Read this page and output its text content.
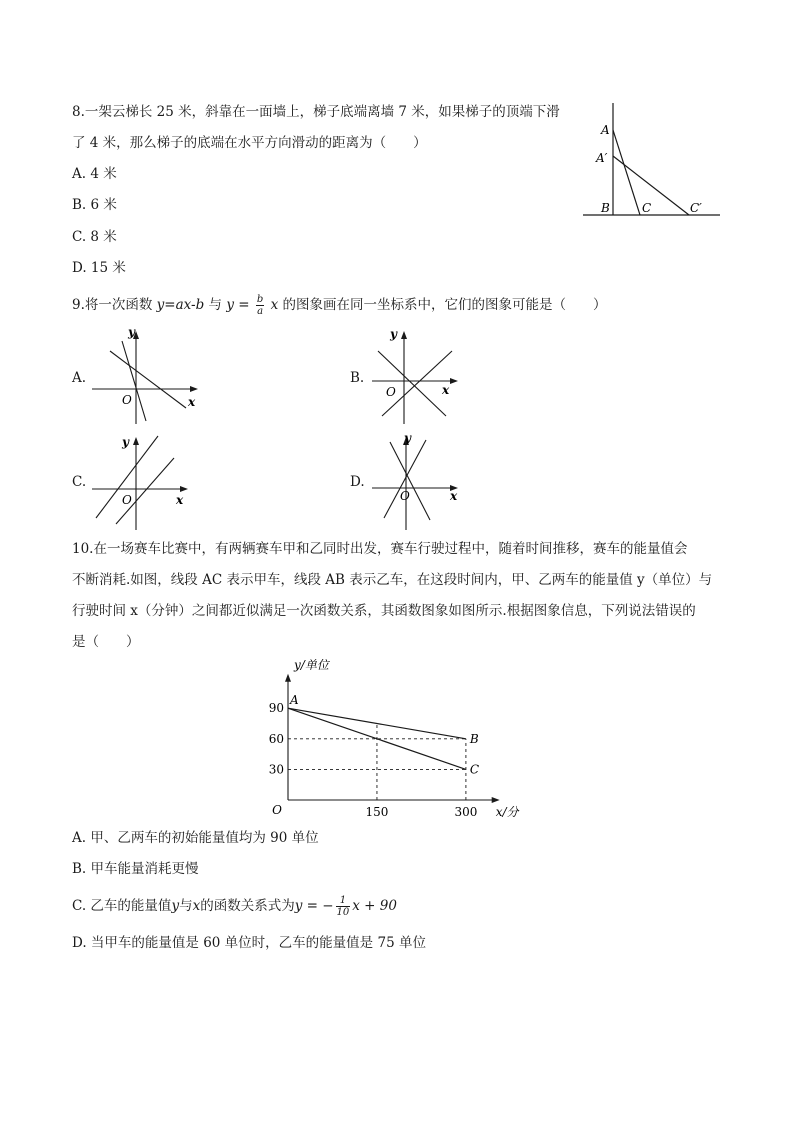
8.一架云梯长 25 米，斜靠在一面墙上，梯子底端离墙 7 米，如果梯子的顶端下滑
了 4 米，那么梯子的底端在水平方向滑动的距离为（　　）
A. 4 米
B. 6 米
C. 8 米
D. 15 米
A
A′
B	C	C′
9.将一次函数 y=ax-b 与 $y = \frac{b}{a}$ x 的图象画在同一坐标系中，它们的图象可能是（　　）
A.
y
x
O
B.
y
x
O
C.
y
x
O
D.
y
x
O
10.在一场赛车比赛中，有两辆赛车甲和乙同时出发，赛车行驶过程中，随着时间推移，赛车的能量值会
不断消耗.如图，线段 AC 表示甲车，线段 AB 表示乙车，在这段时间内，甲、乙两车的能量值 y（单位）与
行驶时间 x（分钟）之间都近似满足一次函数关系，其函数图象如图所示.根据图象信息，下列说法错误的
是（　　）
B
C
A
90
60
30
150	300
O	x/分
y/单位
A. 甲、乙两车的初始能量值均为 90 单位
B. 甲车能量消耗更慢
C. 乙车的能量值y与x的函数关系式为y = − $\frac{1}{10}$ x + 90
D. 当甲车的能量值是 60 单位时，乙车的能量值是 75 单位
